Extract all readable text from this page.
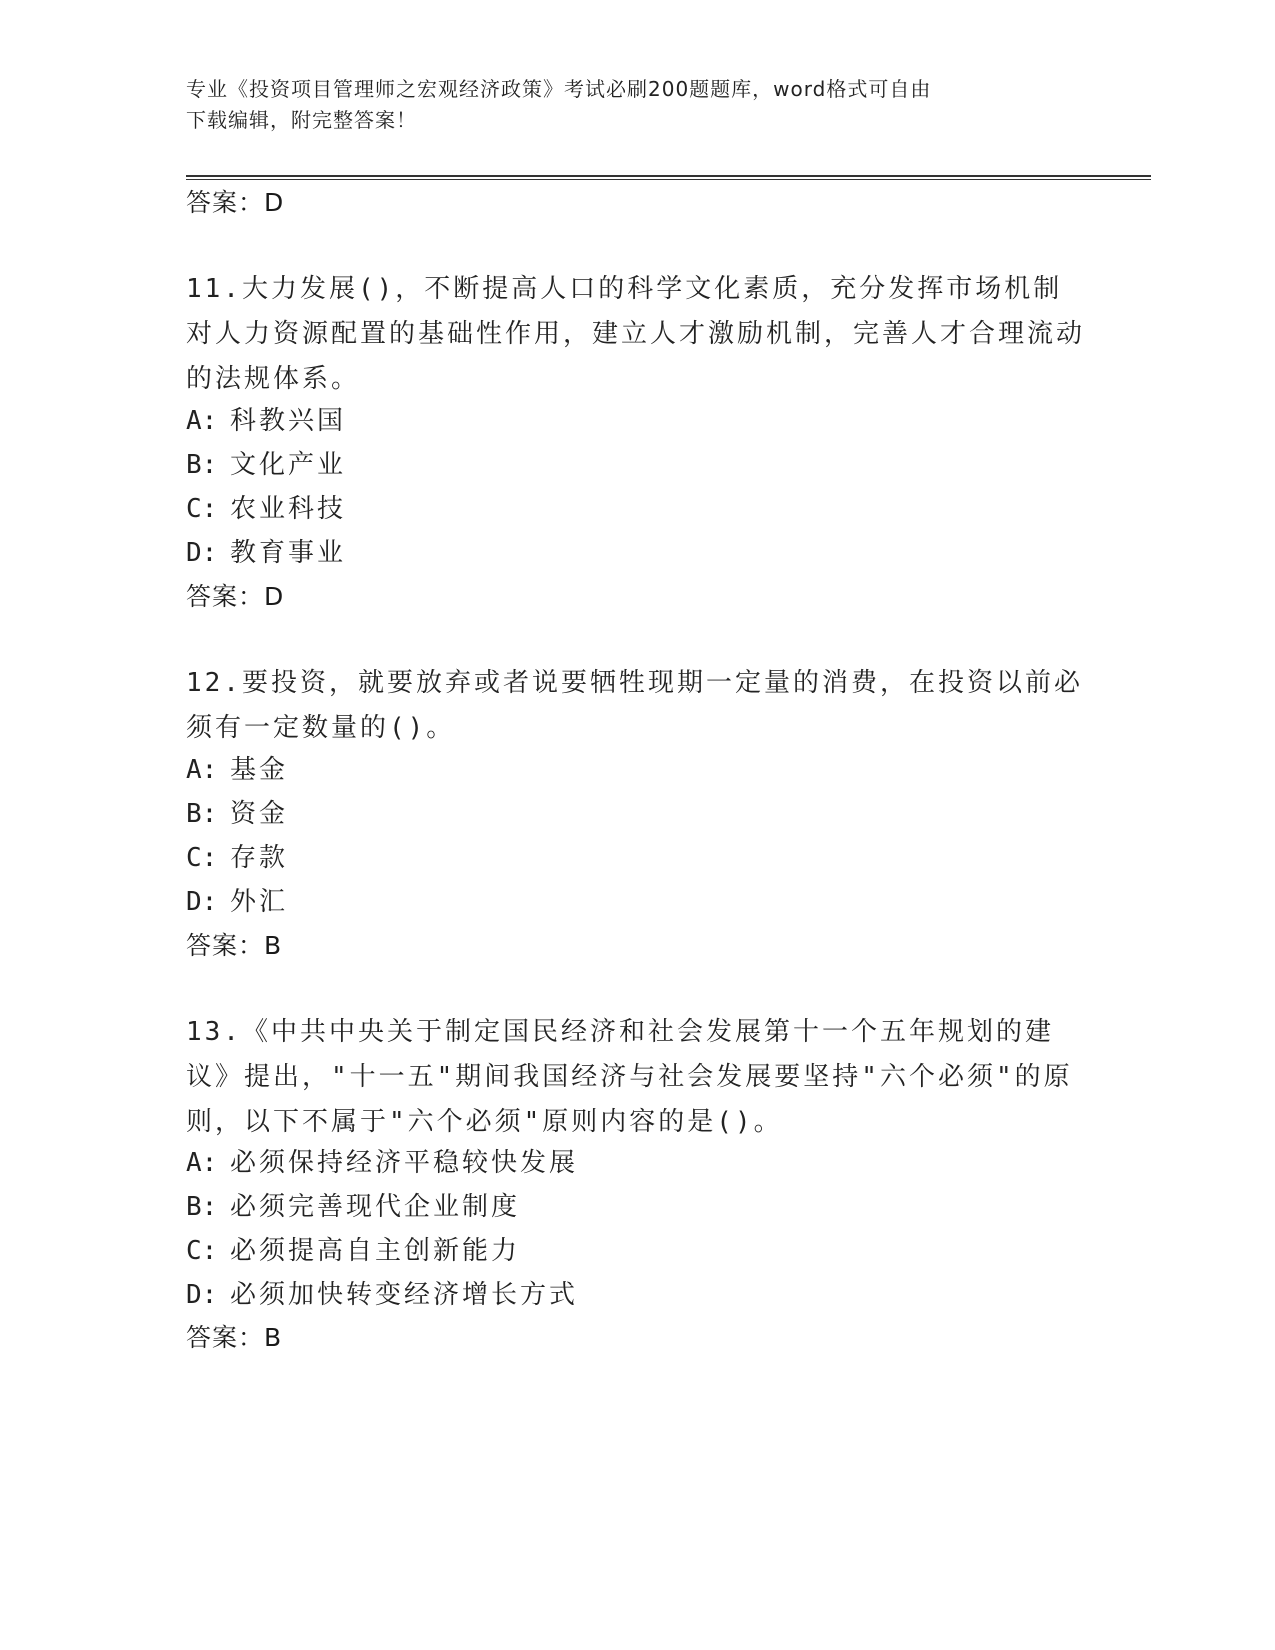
专业《投资项目管理师之宏观经济政策》考试必刷200题题库，word格式可自由
下载编辑，附完整答案！
答案：D
11.大力发展()，不断提高人口的科学文化素质，充分发挥市场机制对人力资源配置的基础性作用，建立人才激励机制，完善人才合理流动的法规体系。
A: 科教兴国
B: 文化产业
C: 农业科技
D: 教育事业
答案：D
12.要投资，就要放弃或者说要牺牲现期一定量的消费，在投资以前必须有一定数量的()。
A: 基金
B: 资金
C: 存款
D: 外汇
答案：B
13.《中共中央关于制定国民经济和社会发展第十一个五年规划的建议》提出，"十一五"期间我国经济与社会发展要坚持"六个必须"的原则，以下不属于"六个必须"原则内容的是()。
A: 必须保持经济平稳较快发展
B: 必须完善现代企业制度
C: 必须提高自主创新能力
D: 必须加快转变经济增长方式
答案：B
